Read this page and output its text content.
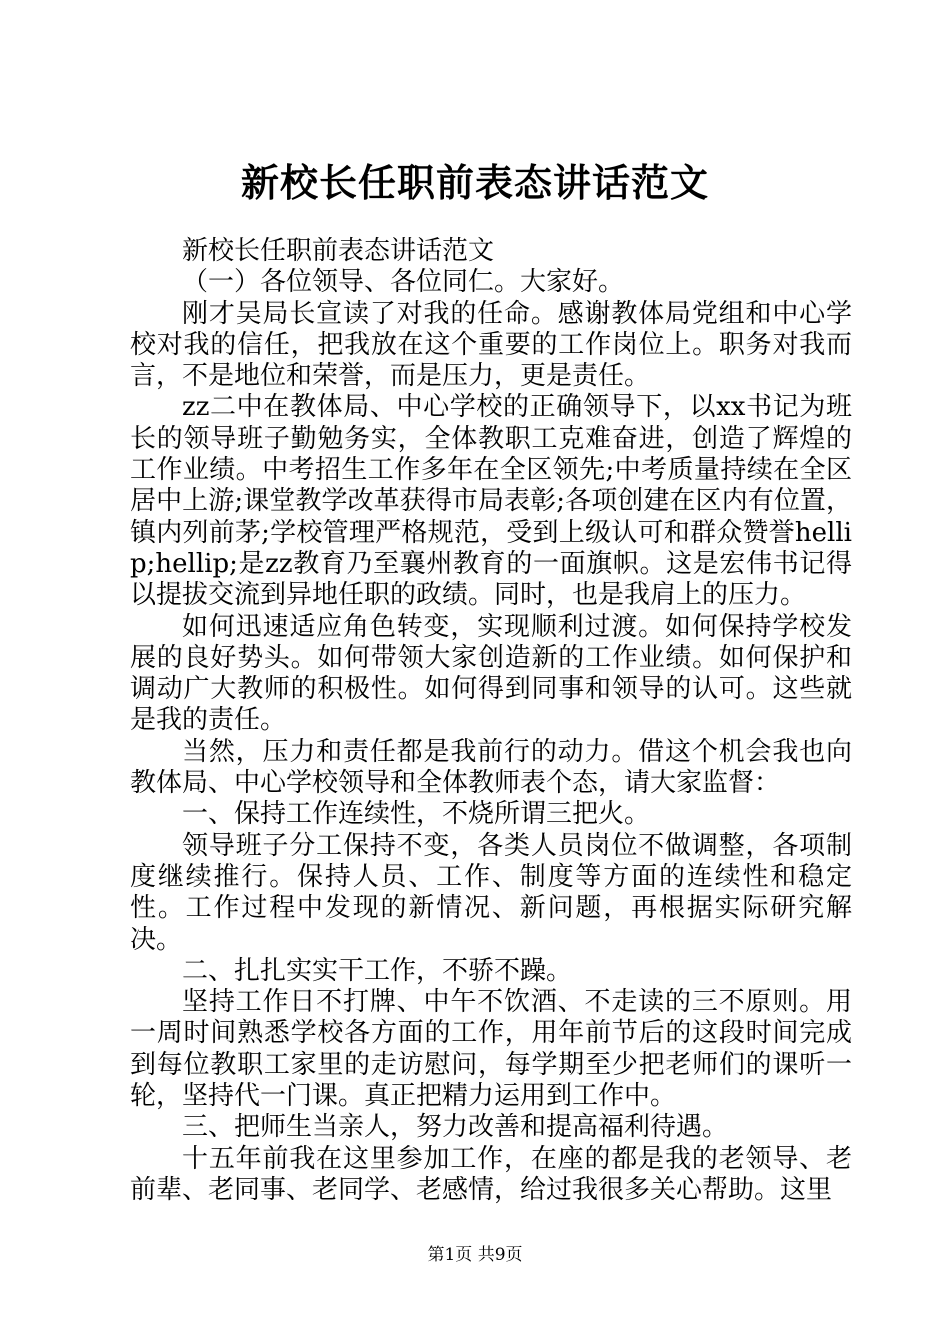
新校长任职前表态讲话范文

新校长任职前表态讲话范文

（一）各位领导、各位同仁。大家好。

刚才吴局长宣读了对我的任命。感谢教体局党组和中心学校对我的信任，把我放在这个重要的工作岗位上。职务对我而言，不是地位和荣誉，而是压力，更是责任。

zz二中在教体局、中心学校的正确领导下，以xx书记为班长的领导班子勤勉务实，全体教职工克难奋进，创造了辉煌的工作业绩。中考招生工作多年在全区领先;中考质量持续在全区居中上游;课堂教学改革获得市局表彰;各项创建在区内有位置，镇内列前茅;学校管理严格规范，受到上级认可和群众赞誉hellip;hellip;是zz教育乃至襄州教育的一面旗帜。这是宏伟书记得以提拔交流到异地任职的政绩。同时，也是我肩上的压力。

如何迅速适应角色转变，实现顺利过渡。如何保持学校发展的良好势头。如何带领大家创造新的工作业绩。如何保护和调动广大教师的积极性。如何得到同事和领导的认可。这些就是我的责任。

当然，压力和责任都是我前行的动力。借这个机会我也向教体局、中心学校领导和全体教师表个态，请大家监督：

一、保持工作连续性，不烧所谓三把火。

领导班子分工保持不变，各类人员岗位不做调整，各项制度继续推行。保持人员、工作、制度等方面的连续性和稳定性。工作过程中发现的新情况、新问题，再根据实际研究解决。

二、扎扎实实干工作，不骄不躁。

坚持工作日不打牌、中午不饮酒、不走读的三不原则。用一周时间熟悉学校各方面的工作，用年前节后的这段时间完成到每位教职工家里的走访慰问，每学期至少把老师们的课听一轮，坚持代一门课。真正把精力运用到工作中。

三、把师生当亲人，努力改善和提高福利待遇。

十五年前我在这里参加工作，在座的都是我的老领导、老前辈、老同事、老同学、老感情，给过我很多关心帮助。这里

第1页 共9页
